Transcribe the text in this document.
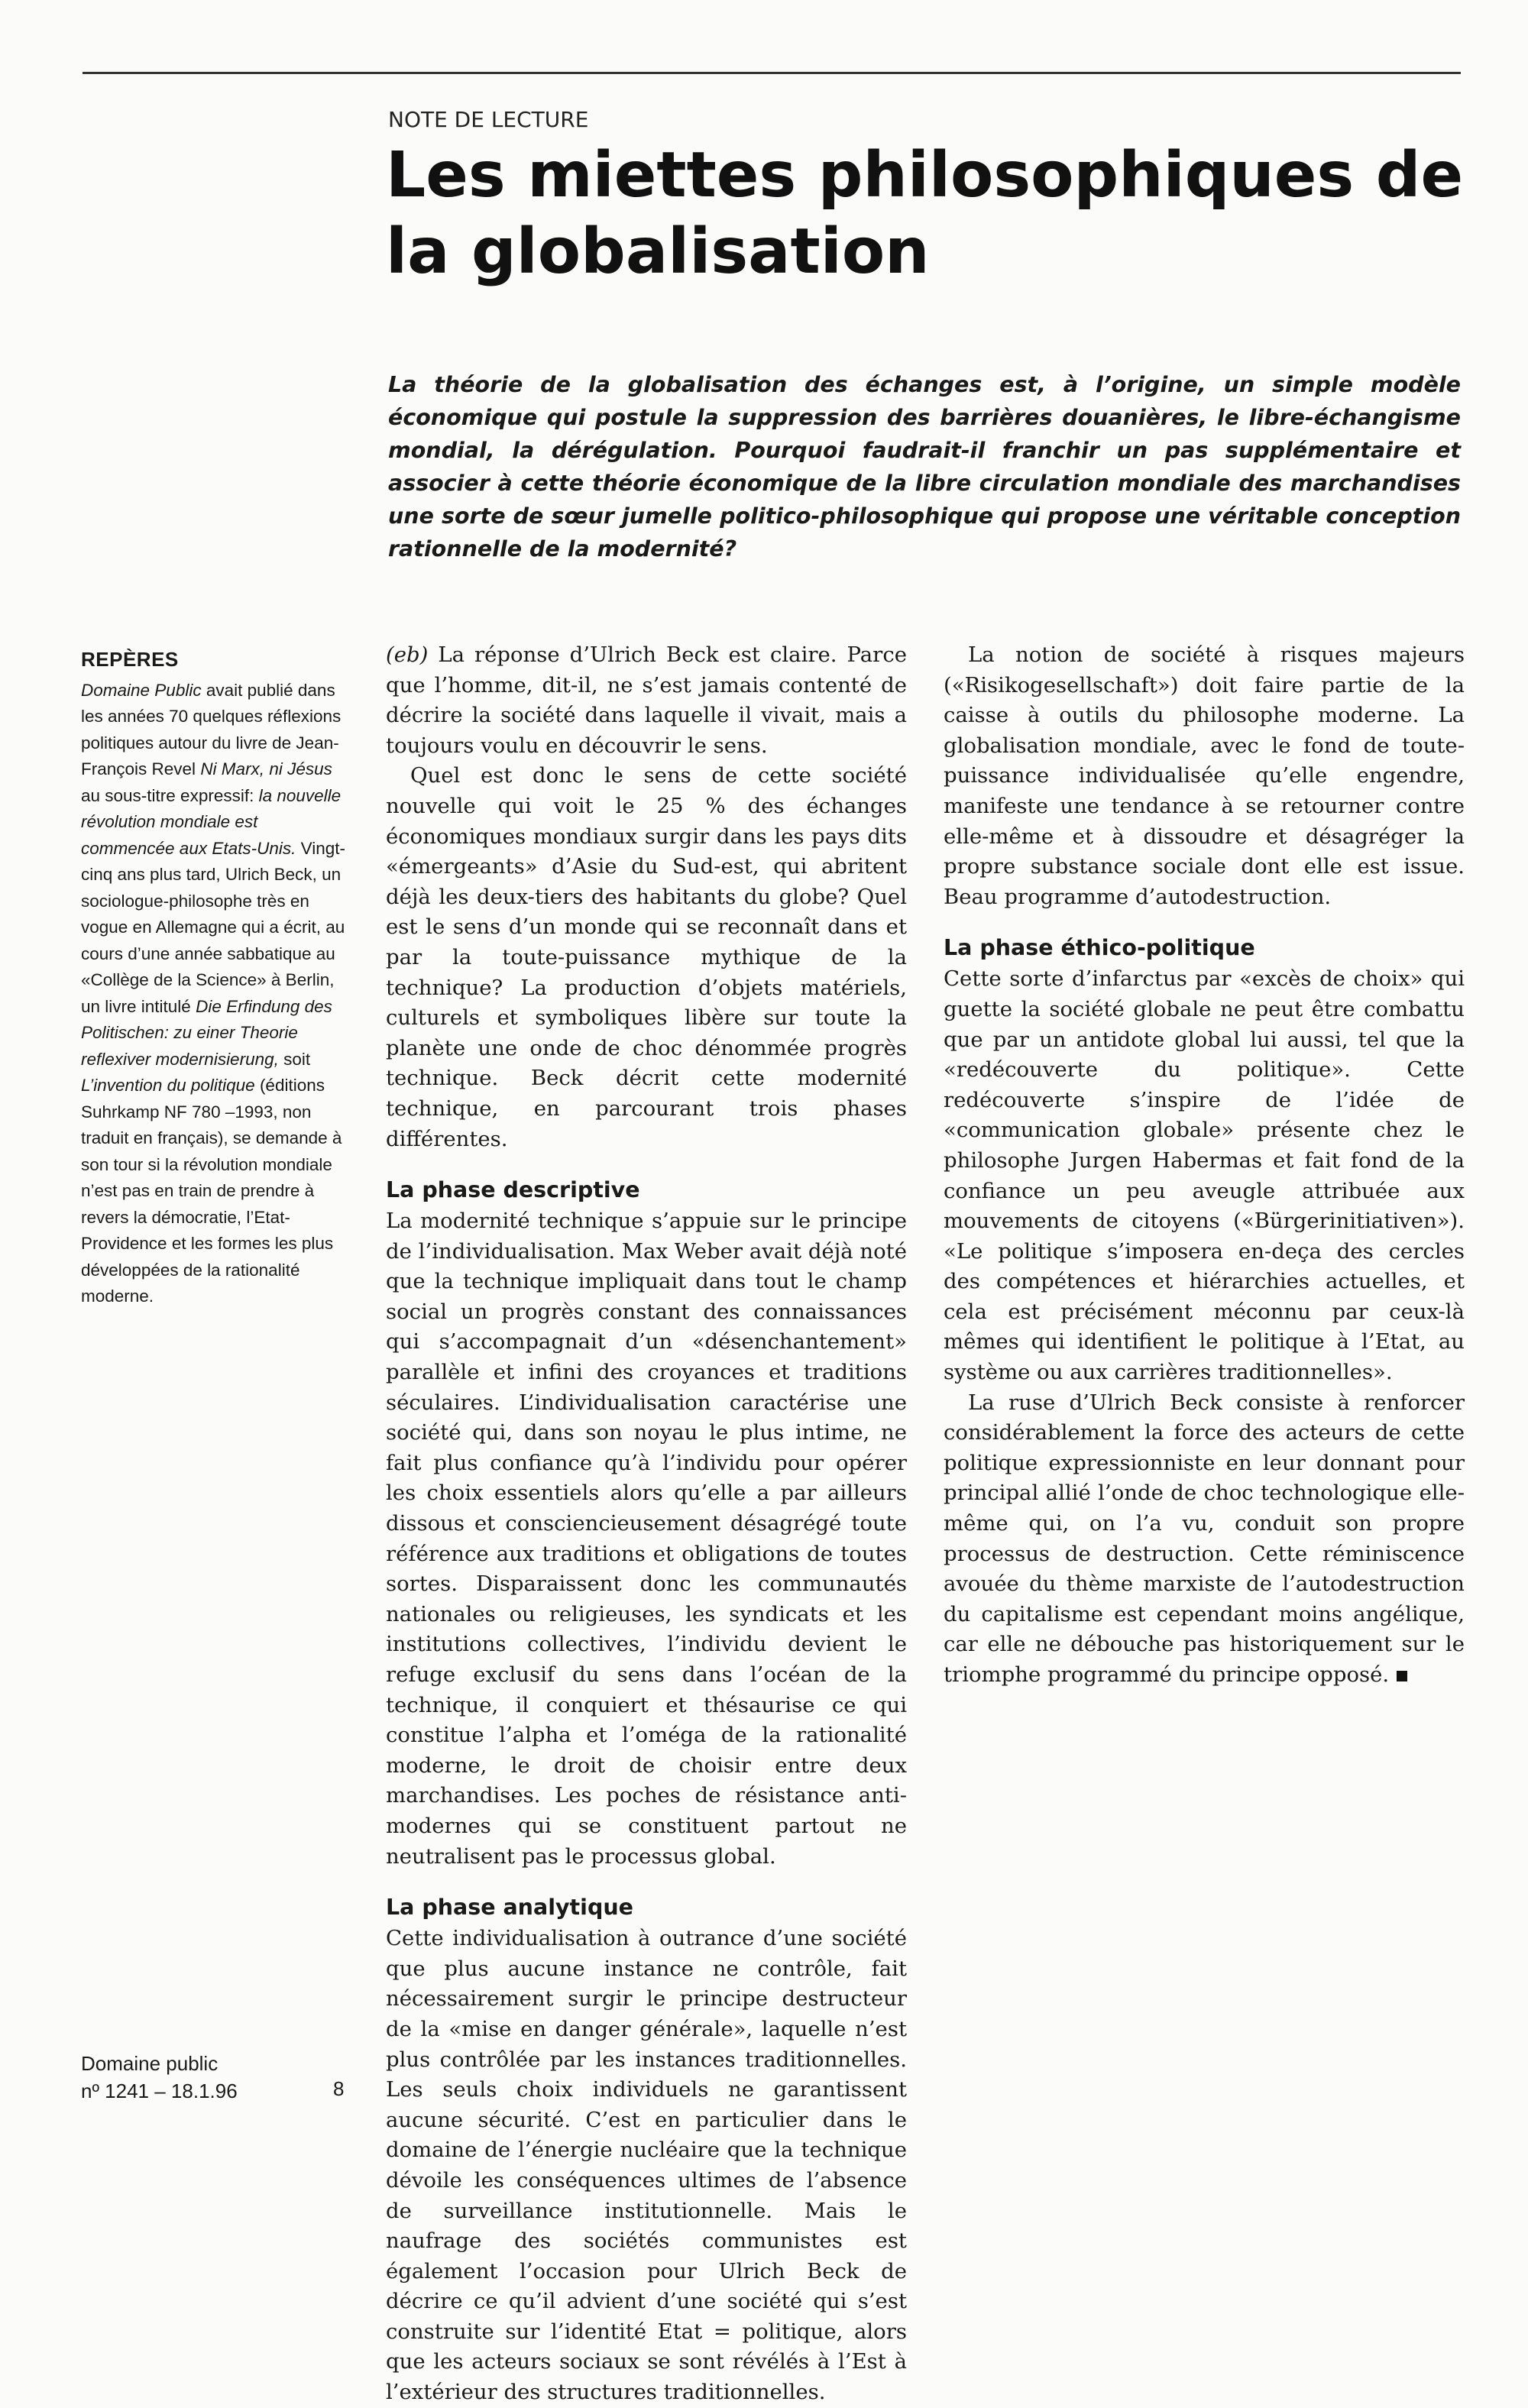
NOTE DE LECTURE
Les miettes philosophiques de la globalisation

La théorie de la globalisation des échanges est, à l’origine, un simple modèle économique qui postule la suppression des barrières douanières, le libre-échangisme mondial, la dérégulation. Pourquoi faudrait-il franchir un pas supplémentaire et associer à cette théorie économique de la libre circulation mondiale des marchandises une sorte de sœur jumelle politico-philosophique qui propose une véritable conception rationnelle de la modernité?

REPÈRES

Domaine Public avait publié dans les années 70 quelques réflexions politiques autour du livre de Jean-François Revel Ni Marx, ni Jésus au sous-titre expressif: la nouvelle révolution mondiale est commencée aux Etats-Unis. Vingt-cinq ans plus tard, Ulrich Beck, un sociologue-philosophe très en vogue en Allemagne qui a écrit, au cours d’une année sabbatique au «Collège de la Science» à Berlin, un livre intitulé Die Erfindung des Politischen: zu einer Theorie reflexiver modernisierung, soit L’invention du politique (éditions Suhrkamp NF 780 –1993, non traduit en français), se demande à son tour si la révolution mondiale n’est pas en train de prendre à revers la démocratie, l’Etat-Providence et les formes les plus développées de la rationalité moderne.

Domaine public
nº 1241 – 18.1.96	8

(eb) La réponse d’Ulrich Beck est claire. Parce que l’homme, dit-il, ne s’est jamais contenté de décrire la société dans laquelle il vivait, mais a toujours voulu en découvrir le sens.

Quel est donc le sens de cette société nouvelle qui voit le 25 % des échanges économiques mondiaux surgir dans les pays dits «émergeants» d’Asie du Sud-est, qui abritent déjà les deux-tiers des habitants du globe? Quel est le sens d’un monde qui se reconnaît dans et par la toute-puissance mythique de la technique? La production d’objets matériels, culturels et symboliques libère sur toute la planète une onde de choc dénommée progrès technique. Beck décrit cette modernité technique, en parcourant trois phases différentes.

La phase descriptive

La modernité technique s’appuie sur le principe de l’individualisation. Max Weber avait déjà noté que la technique impliquait dans tout le champ social un progrès constant des connaissances qui s’accompagnait d’un «désenchantement» parallèle et infini des croyances et traditions séculaires. L’individualisation caractérise une société qui, dans son noyau le plus intime, ne fait plus confiance qu’à l’individu pour opérer les choix essentiels alors qu’elle a par ailleurs dissous et consciencieusement désagrégé toute référence aux traditions et obligations de toutes sortes. Disparaissent donc les communautés nationales ou religieuses, les syndicats et les institutions collectives, l’individu devient le refuge exclusif du sens dans l’océan de la technique, il conquiert et thésaurise ce qui constitue l’alpha et l’oméga de la rationalité moderne, le droit de choisir entre deux marchandises. Les poches de résistance anti-modernes qui se constituent partout ne neutralisent pas le processus global.

La phase analytique

Cette individualisation à outrance d’une société que plus aucune instance ne contrôle, fait nécessairement surgir le principe destructeur de la «mise en danger générale», laquelle n’est plus contrôlée par les instances traditionnelles. Les seuls choix individuels ne garantissent aucune sécurité. C’est en particulier dans le domaine de l’énergie nucléaire que la technique dévoile les conséquences ultimes de l’absence de surveillance institutionnelle. Mais le naufrage des sociétés communistes est également l’occasion pour Ulrich Beck de décrire ce qu’il advient d’une société qui s’est construite sur l’identité Etat = politique, alors que les acteurs sociaux se sont révélés à l’Est à l’extérieur des structures traditionnelles.

La notion de société à risques majeurs («Risikogesellschaft») doit faire partie de la caisse à outils du philosophe moderne. La globalisation mondiale, avec le fond de toute-puissance individualisée qu’elle engendre, manifeste une tendance à se retourner contre elle-même et à dissoudre et désagréger la propre substance sociale dont elle est issue. Beau programme d’autodestruction.

La phase éthico-politique

Cette sorte d’infarctus par «excès de choix» qui guette la société globale ne peut être combattu que par un antidote global lui aussi, tel que la «redécouverte du politique». Cette redécouverte s’inspire de l’idée de «communication globale» présente chez le philosophe Jurgen Habermas et fait fond de la confiance un peu aveugle attribuée aux mouvements de citoyens («Bürgerinitiativen»). «Le politique s’imposera en-deça des cercles des compétences et hiérarchies actuelles, et cela est précisément méconnu par ceux-là mêmes qui identifient le politique à l’Etat, au système ou aux carrières traditionnelles».

La ruse d’Ulrich Beck consiste à renforcer considérablement la force des acteurs de cette politique expressionniste en leur donnant pour principal allié l’onde de choc technologique elle-même qui, on l’a vu, conduit son propre processus de destruction. Cette réminiscence avouée du thème marxiste de l’autodestruction du capitalisme est cependant moins angélique, car elle ne débouche pas historiquement sur le triomphe programmé du principe opposé.
